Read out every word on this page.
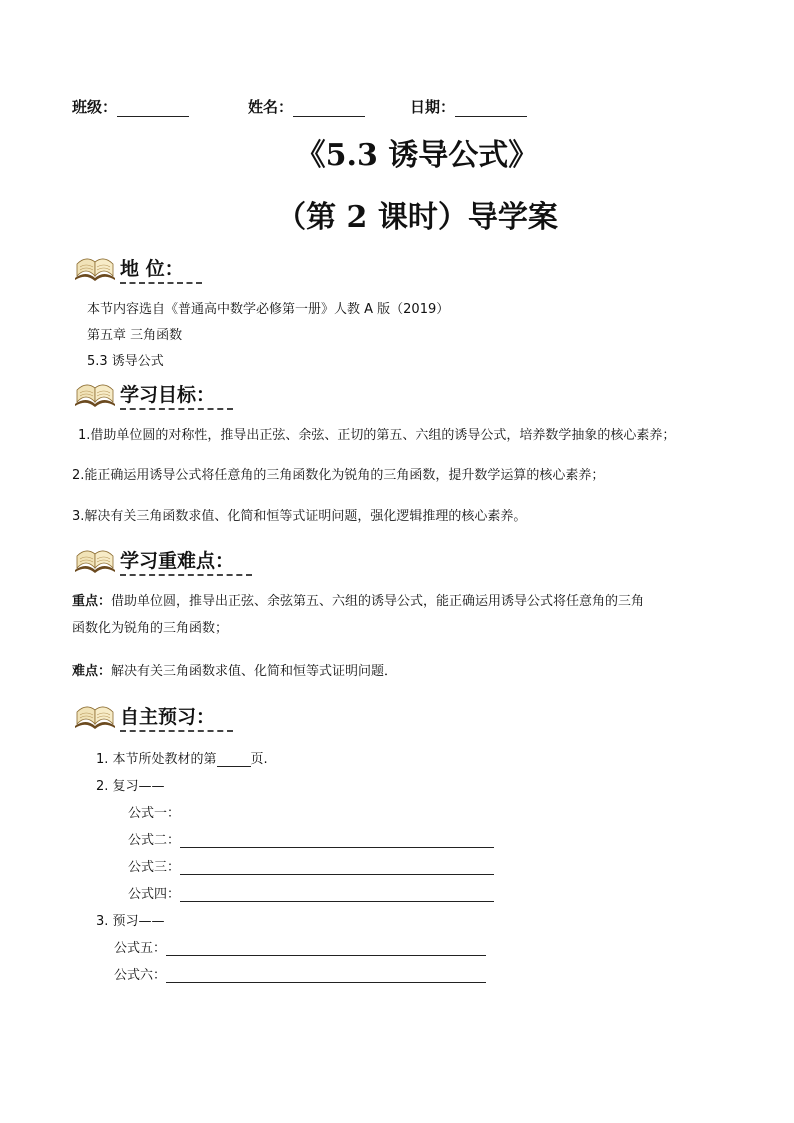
班级：	姓名：	日期：
《5.3 诱导公式》
（第 2 课时）导学案
地 位：
本节内容选自《普通高中数学必修第一册》人教 A 版（2019）
第五章 三角函数
5.3 诱导公式
学习目标：
1.借助单位圆的对称性，推导出正弦、余弦、正切的第五、六组的诱导公式，培养数学抽象的核心素养；
2.能正确运用诱导公式将任意角的三角函数化为锐角的三角函数，提升数学运算的核心素养；
3.解决有关三角函数求值、化简和恒等式证明问题，强化逻辑推理的核心素养。
学习重难点：
重点：借助单位圆，推导出正弦、余弦第五、六组的诱导公式，能正确运用诱导公式将任意角的三角
函数化为锐角的三角函数；
难点：解决有关三角函数求值、化简和恒等式证明问题．
自主预习：
1. 本节所处教材的第	页.
2. 复习——
公式一：
公式二：
公式三：
公式四：
3. 预习——
公式五：
公式六：
